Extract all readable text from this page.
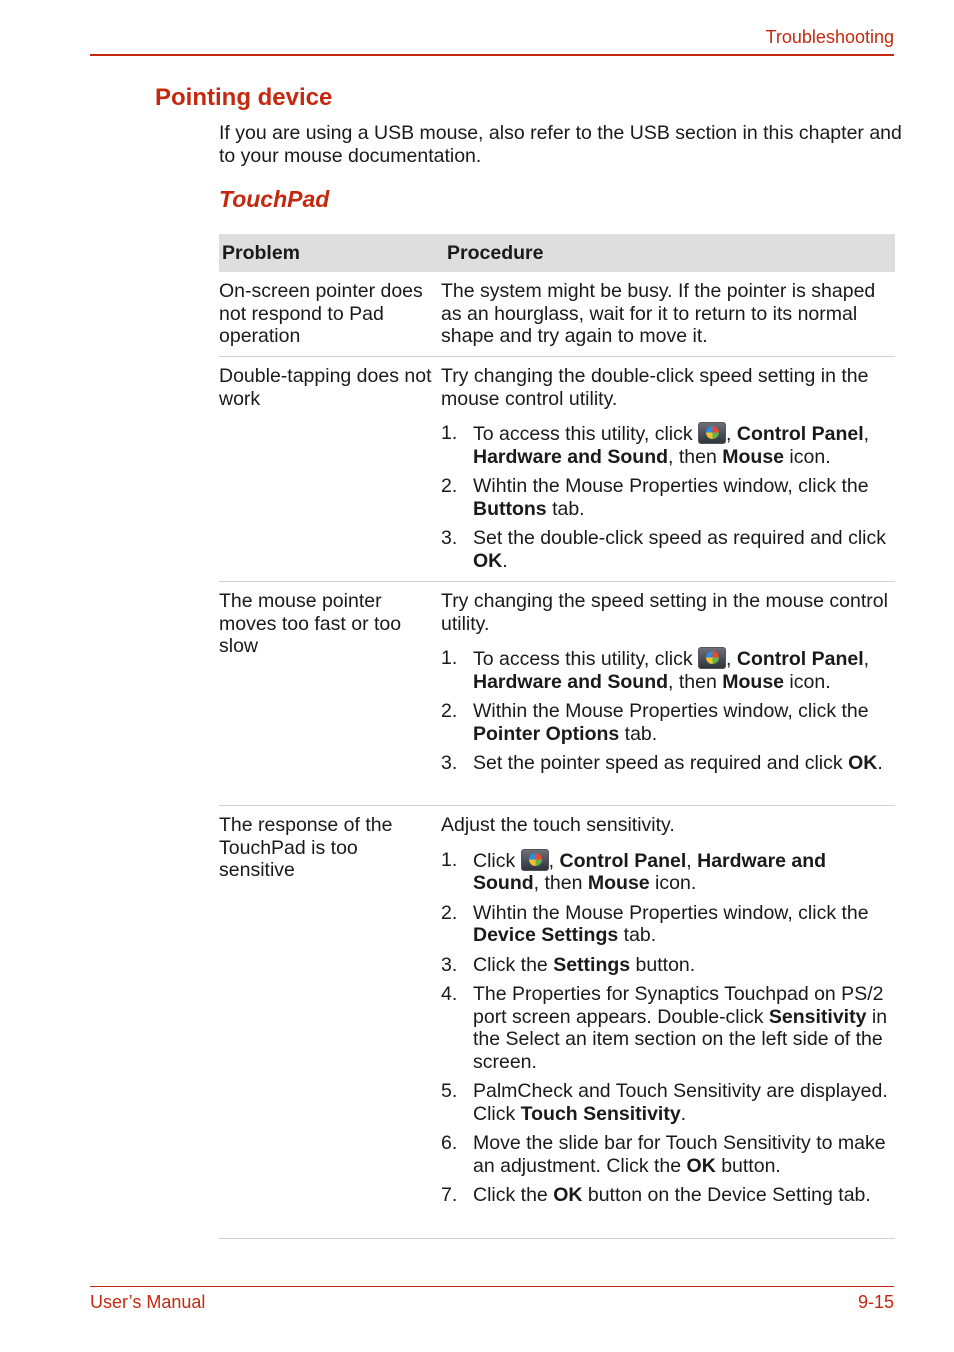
Troubleshooting
Pointing device
If you are using a USB mouse, also refer to the USB section in this chapter and to your mouse documentation.
TouchPad
Problem	Procedure
On-screen pointer does not respond to Pad operation
The system might be busy. If the pointer is shaped as an hourglass, wait for it to return to its normal shape and try again to move it.
Double-tapping does not work
Try changing the double-click speed setting in the mouse control utility.
1. To access this utility, click , Control Panel, Hardware and Sound, then Mouse icon.
2. Wihtin the Mouse Properties window, click the Buttons tab.
3. Set the double-click speed as required and click OK.
The mouse pointer moves too fast or too slow
Try changing the speed setting in the mouse control utility.
1. To access this utility, click , Control Panel, Hardware and Sound, then Mouse icon.
2. Within the Mouse Properties window, click the Pointer Options tab.
3. Set the pointer speed as required and click OK.
The response of the TouchPad is too sensitive
Adjust the touch sensitivity.
1. Click , Control Panel, Hardware and Sound, then Mouse icon.
2. Wihtin the Mouse Properties window, click the Device Settings tab.
3. Click the Settings button.
4. The Properties for Synaptics Touchpad on PS/2 port screen appears. Double-click Sensitivity in the Select an item section on the left side of the screen.
5. PalmCheck and Touch Sensitivity are displayed. Click Touch Sensitivity.
6. Move the slide bar for Touch Sensitivity to make an adjustment. Click the OK button.
7. Click the OK button on the Device Setting tab.
User’s Manual	9-15
